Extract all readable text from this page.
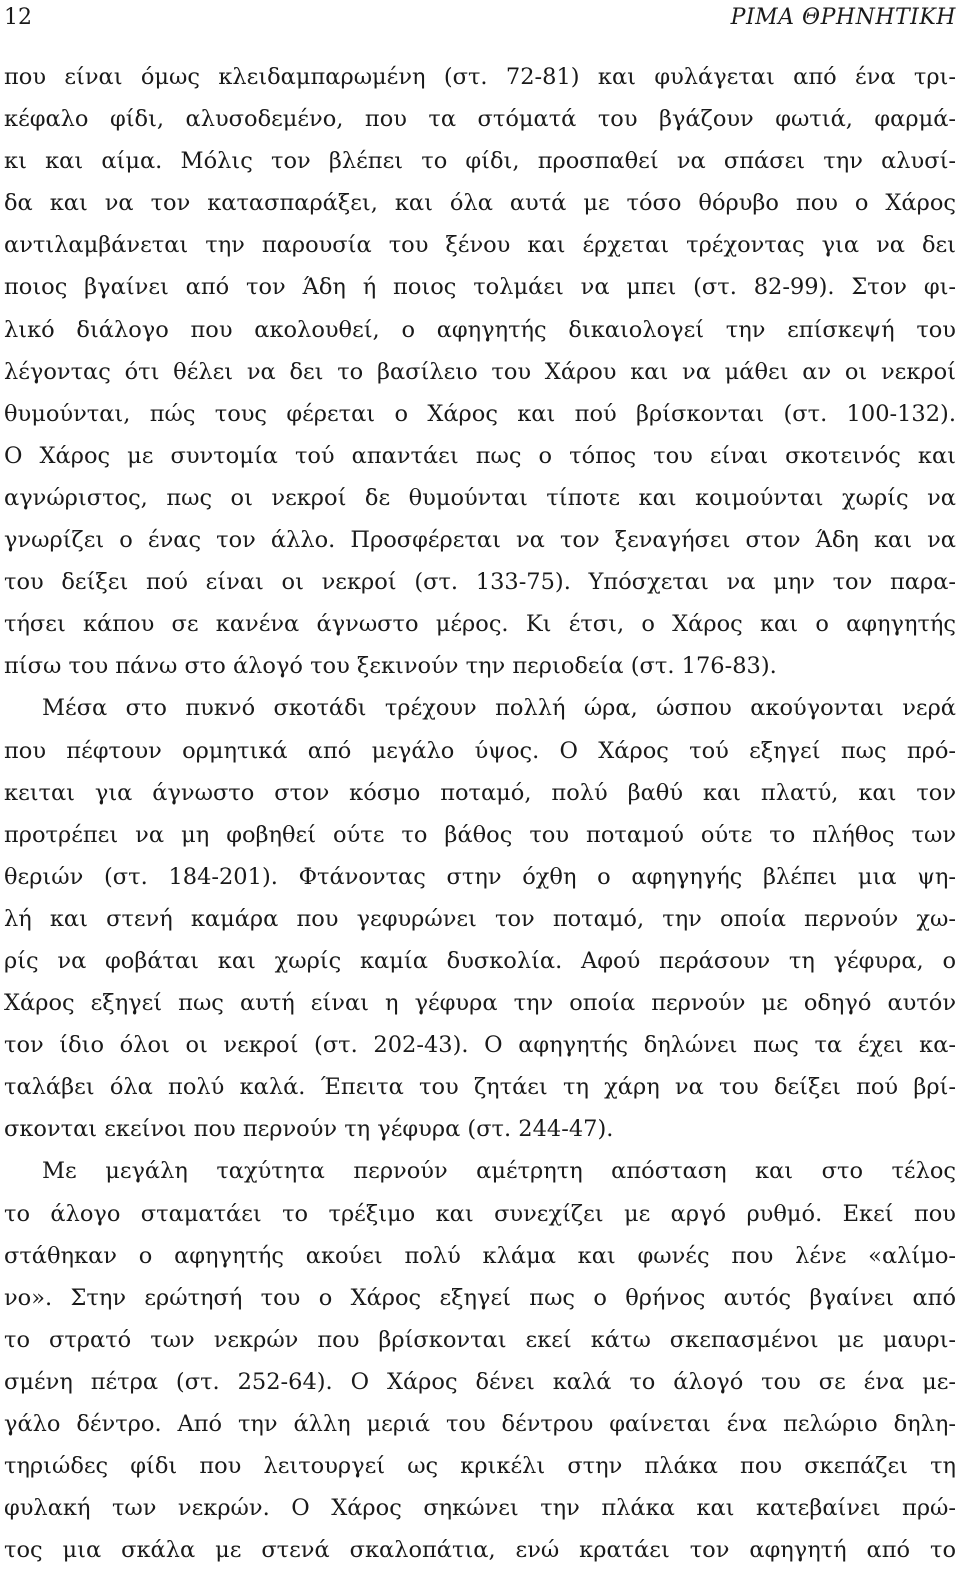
12	ΡΙΜΑ ΘΡΗΝΗΤΙΚΗ
που είναι όμως κλειδαμπαρωμένη (στ. 72-81) και φυλάγεται από ένα τρι-
κέφαλο φίδι, αλυσοδεμένο, που τα στόματά του βγάζουν φωτιά, φαρμά-
κι και αίμα. Μόλις τον βλέπει το φίδι, προσπαθεί να σπάσει την αλυσί-
δα και να τον κατασπαράξει, και όλα αυτά με τόσο θόρυβο που ο Χάρος
αντιλαμβάνεται την παρουσία του ξένου και έρχεται τρέχοντας για να δει
ποιος βγαίνει από τον Άδη ή ποιος τολμάει να μπει (στ. 82-99). Στον φι-
λικό διάλογο που ακολουθεί, ο αφηγητής δικαιολογεί την επίσκεψή του
λέγοντας ότι θέλει να δει το βασίλειο του Χάρου και να μάθει αν οι νεκροί
θυμούνται, πώς τους φέρεται ο Χάρος και πού βρίσκονται (στ. 100-132).
Ο Χάρος με συντομία τού απαντάει πως ο τόπος του είναι σκοτεινός και
αγνώριστος, πως οι νεκροί δε θυμούνται τίποτε και κοιμούνται χωρίς να
γνωρίζει ο ένας τον άλλο. Προσφέρεται να τον ξεναγήσει στον Άδη και να
του δείξει πού είναι οι νεκροί (στ. 133-75). Υπόσχεται να μην τον παρα-
τήσει κάπου σε κανένα άγνωστο μέρος. Κι έτσι, ο Χάρος και ο αφηγητής
πίσω του πάνω στο άλογό του ξεκινούν την περιοδεία (στ. 176-83).
Μέσα στο πυκνό σκοτάδι τρέχουν πολλή ώρα, ώσπου ακούγονται νερά
που πέφτουν ορμητικά από μεγάλο ύψος. Ο Χάρος τού εξηγεί πως πρό-
κειται για άγνωστο στον κόσμο ποταμό, πολύ βαθύ και πλατύ, και τον
προτρέπει να μη φοβηθεί ούτε το βάθος του ποταμού ούτε το πλήθος των
θεριών (στ. 184-201). Φτάνοντας στην όχθη ο αφηγηγής βλέπει μια ψη-
λή και στενή καμάρα που γεφυρώνει τον ποταμό, την οποία περνούν χω-
ρίς να φοβάται και χωρίς καμία δυσκολία. Αφού περάσουν τη γέφυρα, ο
Χάρος εξηγεί πως αυτή είναι η γέφυρα την οποία περνούν με οδηγό αυτόν
τον ίδιο όλοι οι νεκροί (στ. 202-43). Ο αφηγητής δηλώνει πως τα έχει κα-
ταλάβει όλα πολύ καλά. Έπειτα του ζητάει τη χάρη να του δείξει πού βρί-
σκονται εκείνοι που περνούν τη γέφυρα (στ. 244-47).
Με μεγάλη ταχύτητα περνούν αμέτρητη απόσταση και στο τέλος
το άλογο σταματάει το τρέξιμο και συνεχίζει με αργό ρυθμό. Εκεί που
στάθηκαν ο αφηγητής ακούει πολύ κλάμα και φωνές που λένε «αλίμο-
νο». Στην ερώτησή του ο Χάρος εξηγεί πως ο θρήνος αυτός βγαίνει από
το στρατό των νεκρών που βρίσκονται εκεί κάτω σκεπασμένοι με μαυρι-
σμένη πέτρα (στ. 252-64). Ο Χάρος δένει καλά το άλογό του σε ένα με-
γάλο δέντρο. Από την άλλη μεριά του δέντρου φαίνεται ένα πελώριο δηλη-
τηριώδες φίδι που λειτουργεί ως κρικέλι στην πλάκα που σκεπάζει τη
φυλακή των νεκρών. Ο Χάρος σηκώνει την πλάκα και κατεβαίνει πρώ-
τος μια σκάλα με στενά σκαλοπάτια, ενώ κρατάει τον αφηγητή από το
